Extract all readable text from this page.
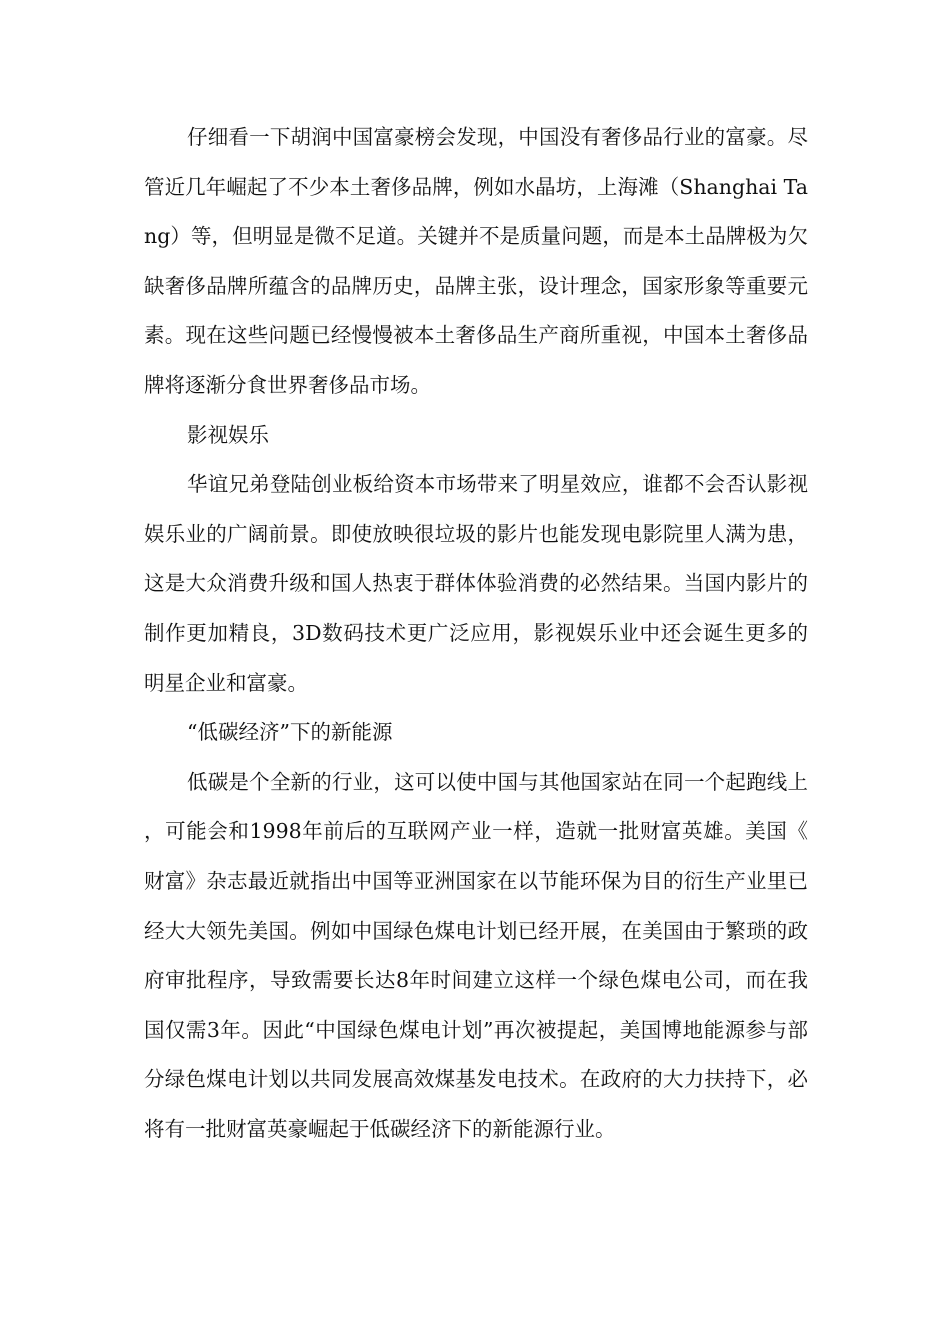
仔细看一下胡润中国富豪榜会发现，中国没有奢侈品行业的富豪。尽管近几年崛起了不少本土奢侈品牌，例如水晶坊，上海滩（Shanghai Tang）等，但明显是微不足道。关键并不是质量问题，而是本土品牌极为欠缺奢侈品牌所蕴含的品牌历史，品牌主张，设计理念，国家形象等重要元素。现在这些问题已经慢慢被本土奢侈品生产商所重视，中国本土奢侈品牌将逐渐分食世界奢侈品市场。

影视娱乐

华谊兄弟登陆创业板给资本市场带来了明星效应，谁都不会否认影视娱乐业的广阔前景。即使放映很垃圾的影片也能发现电影院里人满为患，这是大众消费升级和国人热衷于群体体验消费的必然结果。当国内影片的制作更加精良，3D数码技术更广泛应用，影视娱乐业中还会诞生更多的明星企业和富豪。

“低碳经济”下的新能源

低碳是个全新的行业，这可以使中国与其他国家站在同一个起跑线上，可能会和1998年前后的互联网产业一样，造就一批财富英雄。美国《财富》杂志最近就指出中国等亚洲国家在以节能环保为目的衍生产业里已经大大领先美国。例如中国绿色煤电计划已经开展，在美国由于繁琐的政府审批程序，导致需要长达8年时间建立这样一个绿色煤电公司，而在我国仅需3年。因此“中国绿色煤电计划”再次被提起，美国博地能源参与部分绿色煤电计划以共同发展高效煤基发电技术。在政府的大力扶持下，必将有一批财富英豪崛起于低碳经济下的新能源行业。
